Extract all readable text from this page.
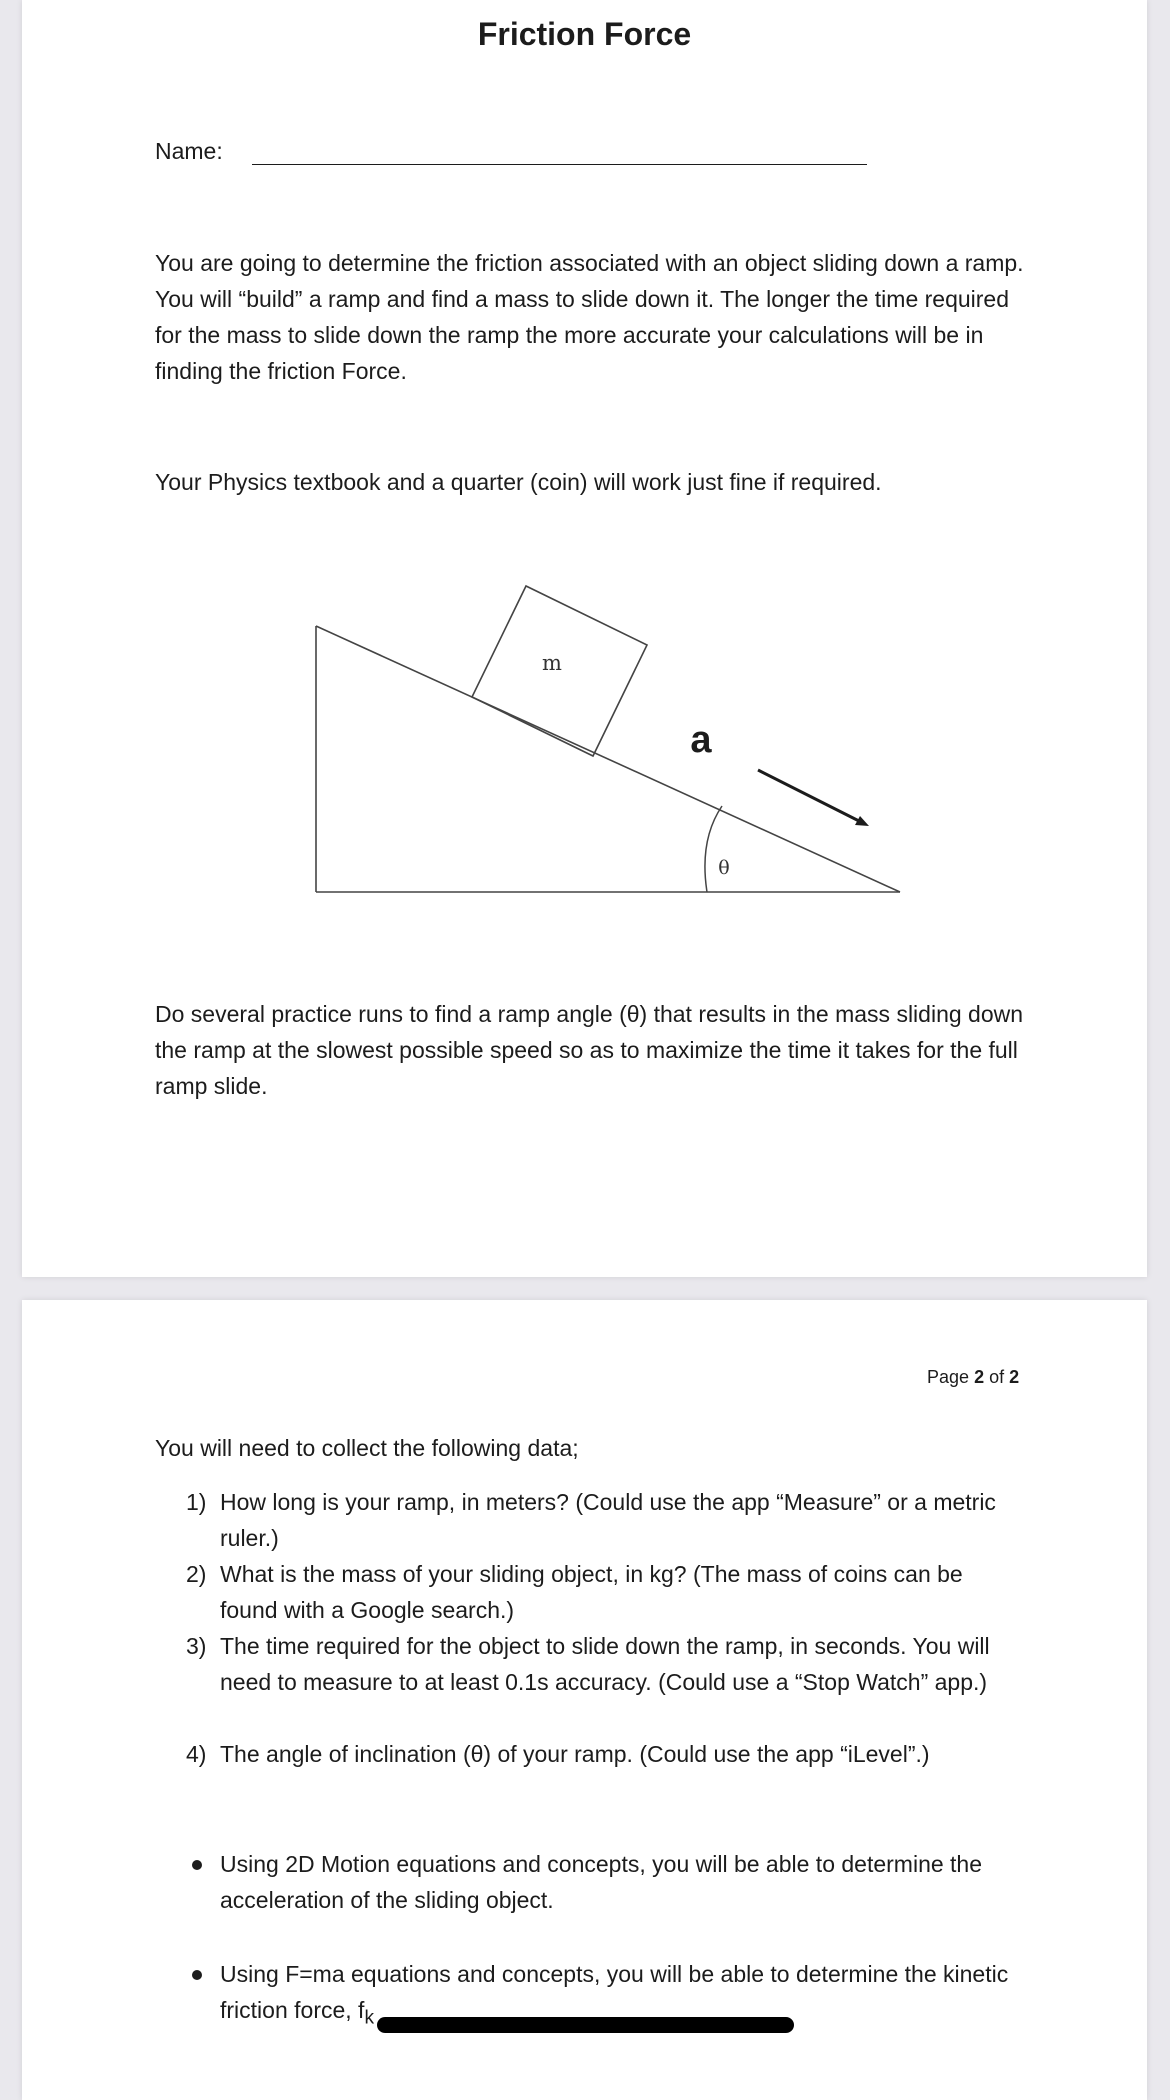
Friction Force
Name:

You are going to determine the friction associated with an object sliding down a ramp. You will “build” a ramp and find a mass to slide down it. The longer the time required for the mass to slide down the ramp the more accurate your calculations will be in finding the friction Force.

Your Physics textbook and a quarter (coin) will work just fine if required.

m
a
θ

Do several practice runs to find a ramp angle (θ) that results in the mass sliding down the ramp at the slowest possible speed so as to maximize the time it takes for the full ramp slide.

Page 2 of 2

You will need to collect the following data;

1) How long is your ramp, in meters? (Could use the app “Measure” or a metric ruler.)
2) What is the mass of your sliding object, in kg? (The mass of coins can be found with a Google search.)
3) The time required for the object to slide down the ramp, in seconds. You will need to measure to at least 0.1s accuracy. (Could use a “Stop Watch” app.)
4) The angle of inclination (θ) of your ramp. (Could use the app “iLevel”.)
Using 2D Motion equations and concepts, you will be able to determine the acceleration of the sliding object.
Using F=ma equations and concepts, you will be able to determine the kinetic friction force, $f_k$
